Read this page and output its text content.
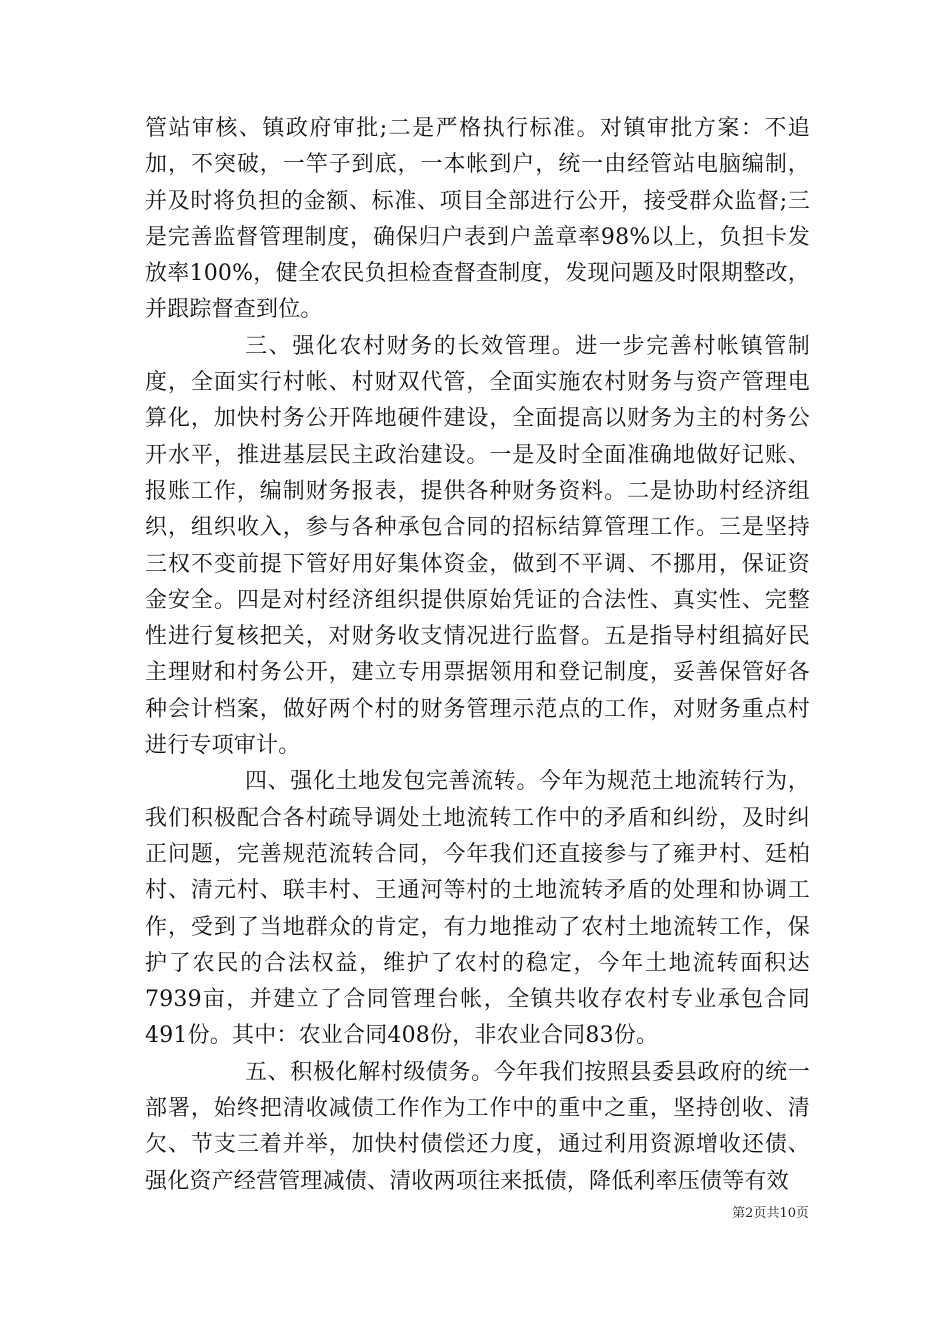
管站审核、镇政府审批;二是严格执行标准。对镇审批方案：不追加，不突破，一竿子到底，一本帐到户，统一由经管站电脑编制，并及时将负担的金额、标准、项目全部进行公开，接受群众监督;三是完善监督管理制度，确保归户表到户盖章率98%以上，负担卡发放率100%，健全农民负担检查督查制度，发现问题及时限期整改，并跟踪督查到位。

三、强化农村财务的长效管理。进一步完善村帐镇管制度，全面实行村帐、村财双代管，全面实施农村财务与资产管理电算化，加快村务公开阵地硬件建设，全面提高以财务为主的村务公开水平，推进基层民主政治建设。一是及时全面准确地做好记账、报账工作，编制财务报表，提供各种财务资料。二是协助村经济组织，组织收入，参与各种承包合同的招标结算管理工作。三是坚持三权不变前提下管好用好集体资金，做到不平调、不挪用，保证资金安全。四是对村经济组织提供原始凭证的合法性、真实性、完整性进行复核把关，对财务收支情况进行监督。五是指导村组搞好民主理财和村务公开，建立专用票据领用和登记制度，妥善保管好各种会计档案，做好两个村的财务管理示范点的工作，对财务重点村进行专项审计。

四、强化土地发包完善流转。今年为规范土地流转行为，我们积极配合各村疏导调处土地流转工作中的矛盾和纠纷，及时纠正问题，完善规范流转合同，今年我们还直接参与了雍尹村、廷柏村、清元村、联丰村、王通河等村的土地流转矛盾的处理和协调工作，受到了当地群众的肯定，有力地推动了农村土地流转工作，保护了农民的合法权益，维护了农村的稳定，今年土地流转面积达7939亩，并建立了合同管理台帐，全镇共收存农村专业承包合同491份。其中：农业合同408份，非农业合同83份。

五、积极化解村级债务。今年我们按照县委县政府的统一部署，始终把清收减债工作作为工作中的重中之重，坚持创收、清欠、节支三着并举，加快村债偿还力度，通过利用资源增收还债、强化资产经营管理减债、清收两项往来抵债，降低利率压债等有效

第2页共10页
